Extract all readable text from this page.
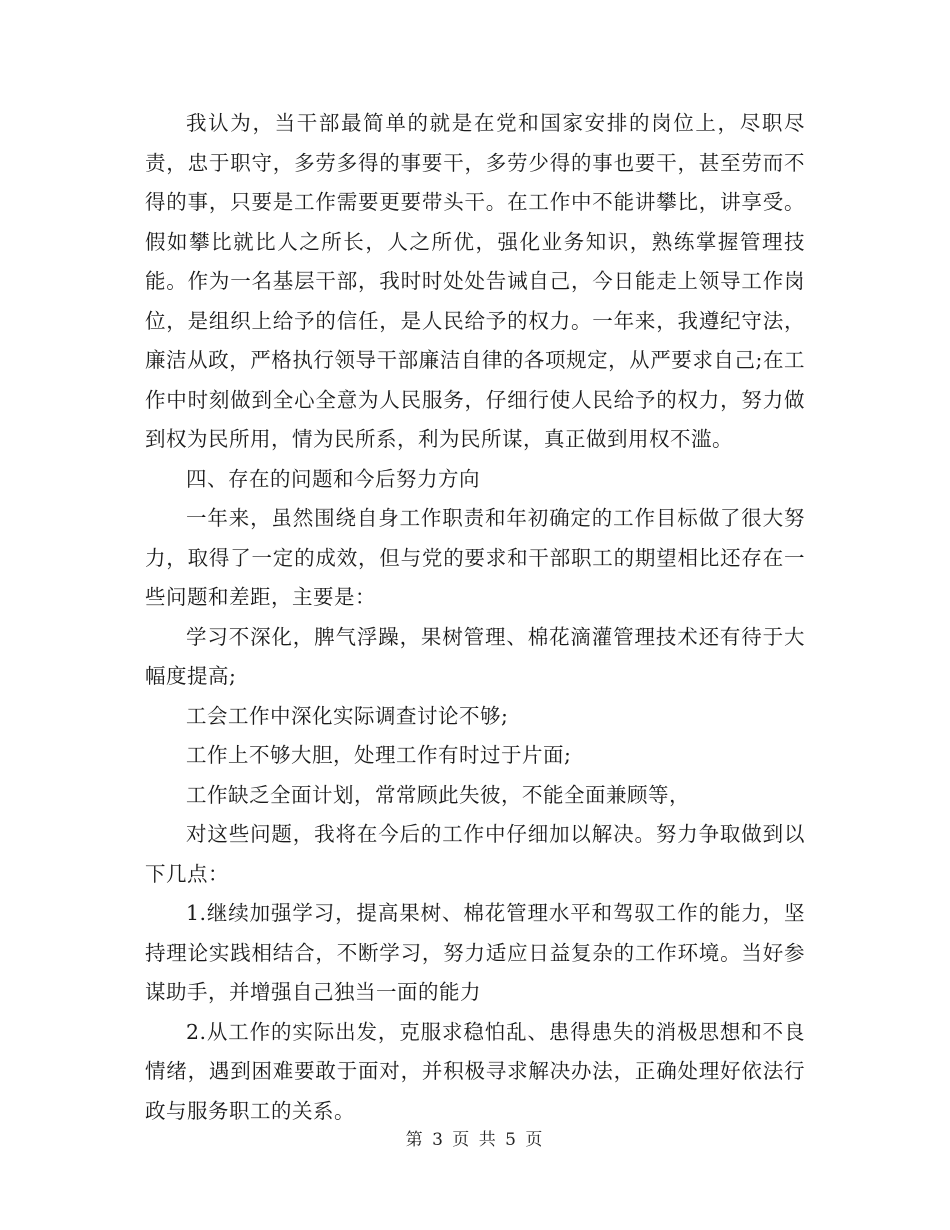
我认为，当干部最简单的就是在党和国家安排的岗位上，尽职尽责，忠于职守，多劳多得的事要干，多劳少得的事也要干，甚至劳而不得的事，只要是工作需要更要带头干。在工作中不能讲攀比，讲享受。假如攀比就比人之所长，人之所优，强化业务知识，熟练掌握管理技能。作为一名基层干部，我时时处处告诫自己，今日能走上领导工作岗位，是组织上给予的信任，是人民给予的权力。一年来，我遵纪守法，廉洁从政，严格执行领导干部廉洁自律的各项规定，从严要求自己;在工作中时刻做到全心全意为人民服务，仔细行使人民给予的权力，努力做到权为民所用，情为民所系，利为民所谋，真正做到用权不滥。

四、存在的问题和今后努力方向

一年来，虽然围绕自身工作职责和年初确定的工作目标做了很大努力，取得了一定的成效，但与党的要求和干部职工的期望相比还存在一些问题和差距，主要是：

学习不深化，脾气浮躁，果树管理、棉花滴灌管理技术还有待于大幅度提高;

工会工作中深化实际调查讨论不够;

工作上不够大胆，处理工作有时过于片面;

工作缺乏全面计划，常常顾此失彼，不能全面兼顾等，

对这些问题，我将在今后的工作中仔细加以解决。努力争取做到以下几点：

1.继续加强学习，提高果树、棉花管理水平和驾驭工作的能力，坚持理论实践相结合，不断学习，努力适应日益复杂的工作环境。当好参谋助手，并增强自己独当一面的能力

2.从工作的实际出发，克服求稳怕乱、患得患失的消极思想和不良情绪，遇到困难要敢于面对，并积极寻求解决办法，正确处理好依法行政与服务职工的关系。

第 3 页 共 5 页
